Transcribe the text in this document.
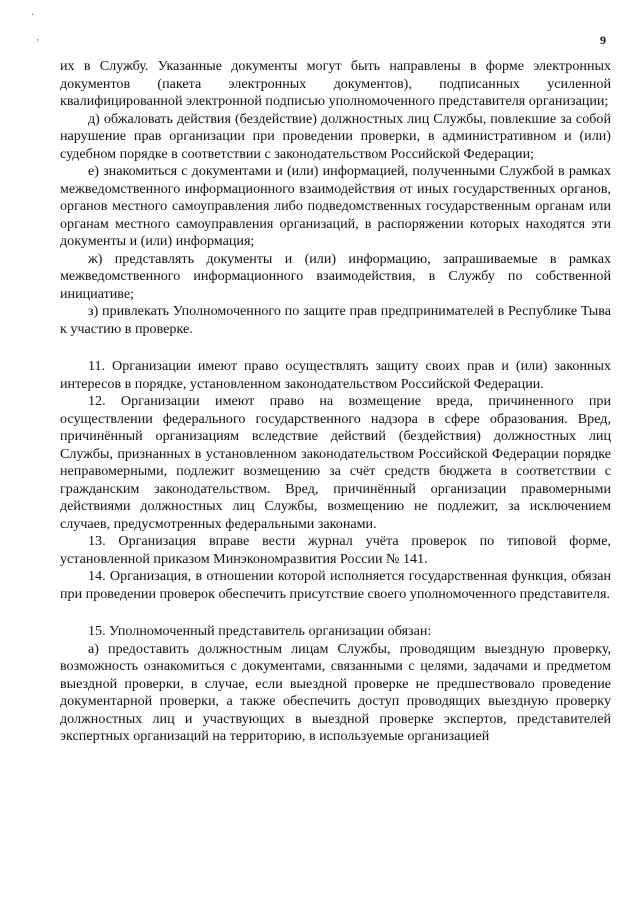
·
'	9

их в Службу. Указанные документы могут быть направлены в форме электронных документов (пакета электронных документов), подписанных усиленной квалифицированной электронной подписью уполномоченного представителя организации;

д) обжаловать действия (бездействие) должностных лиц Службы, повлекшие за собой нарушение прав организации при проведении проверки, в административном и (или) судебном порядке в соответствии с законодательством Российской Федерации;

е) знакомиться с документами и (или) информацией, полученными Службой в рамках межведомственного информационного взаимодействия от иных государственных органов, органов местного самоуправления либо подведомственных государственным органам или органам местного самоуправления организаций, в распоряжении которых находятся эти документы и (или) информация;

ж) представлять документы и (или) информацию, запрашиваемые в рамках межведомственного информационного взаимодействия, в Службу по собственной инициативе;

з) привлекать Уполномоченного по защите прав предпринимателей в Республике Тыва к участию в проверке.

11. Организации имеют право осуществлять защиту своих прав и (или) законных интересов в порядке, установленном законодательством Российской Федерации.

12. Организации имеют право на возмещение вреда, причиненного при осуществлении федерального государственного надзора в сфере образования. Вред, причинённый организациям вследствие действий (бездействия) должностных лиц Службы, признанных в установленном законодательством Российской Федерации порядке неправомерными, подлежит возмещению за счёт средств бюджета в соответствии с гражданским законодательством. Вред, причинённый организации правомерными действиями должностных лиц Службы, возмещению не подлежит, за исключением случаев, предусмотренных федеральными законами.

13. Организация вправе вести журнал учёта проверок по типовой форме, установленной приказом Минэкономразвития России № 141.

14. Организация, в отношении которой исполняется государственная функция, обязан при проведении проверок обеспечить присутствие своего уполномоченного представителя.

15. Уполномоченный представитель организации обязан:

а) предоставить должностным лицам Службы, проводящим выездную проверку, возможность ознакомиться с документами, связанными с целями, задачами и предметом выездной проверки, в случае, если выездной проверке не предшествовало проведение документарной проверки, а также обеспечить доступ проводящих выездную проверку должностных лиц и участвующих в выездной проверке экспертов, представителей экспертных организаций на территорию, в используемые организацией
